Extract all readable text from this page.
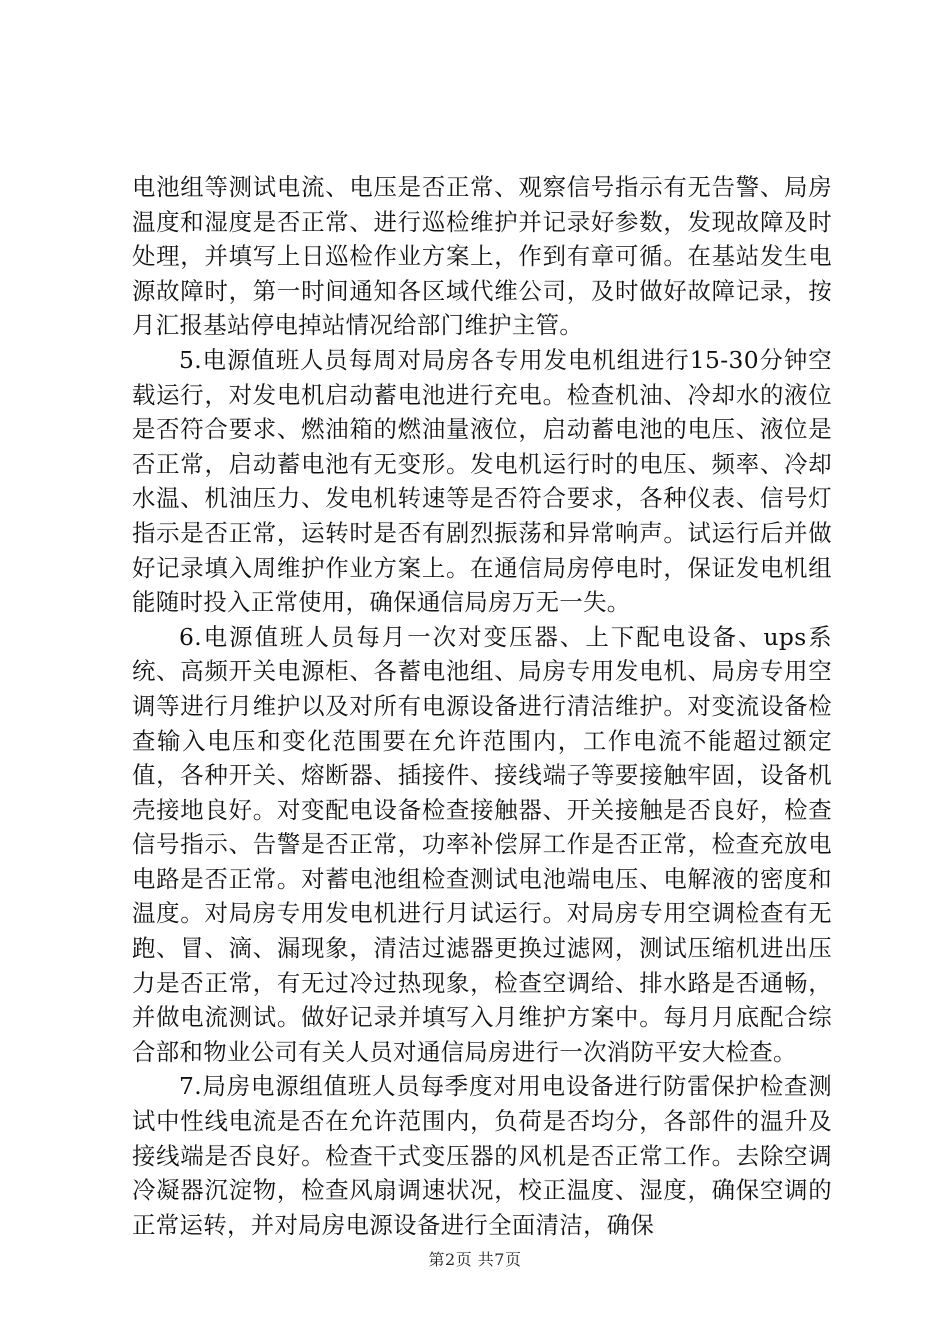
电池组等测试电流、电压是否正常、观察信号指示有无告警、局房温度和湿度是否正常、进行巡检维护并记录好参数，发现故障及时处理，并填写上日巡检作业方案上，作到有章可循。在基站发生电源故障时，第一时间通知各区域代维公司，及时做好故障记录，按月汇报基站停电掉站情况给部门维护主管。

5.电源值班人员每周对局房各专用发电机组进行15-30分钟空载运行，对发电机启动蓄电池进行充电。检查机油、冷却水的液位是否符合要求、燃油箱的燃油量液位，启动蓄电池的电压、液位是否正常，启动蓄电池有无变形。发电机运行时的电压、频率、冷却水温、机油压力、发电机转速等是否符合要求，各种仪表、信号灯指示是否正常，运转时是否有剧烈振荡和异常响声。试运行后并做好记录填入周维护作业方案上。在通信局房停电时，保证发电机组能随时投入正常使用，确保通信局房万无一失。

6.电源值班人员每月一次对变压器、上下配电设备、ups系统、高频开关电源柜、各蓄电池组、局房专用发电机、局房专用空调等进行月维护以及对所有电源设备进行清洁维护。对变流设备检查输入电压和变化范围要在允许范围内，工作电流不能超过额定值，各种开关、熔断器、插接件、接线端子等要接触牢固，设备机壳接地良好。对变配电设备检查接触器、开关接触是否良好，检查信号指示、告警是否正常，功率补偿屏工作是否正常，检查充放电电路是否正常。对蓄电池组检查测试电池端电压、电解液的密度和温度。对局房专用发电机进行月试运行。对局房专用空调检查有无跑、冒、滴、漏现象，清洁过滤器更换过滤网，测试压缩机进出压力是否正常，有无过冷过热现象，检查空调给、排水路是否通畅，并做电流测试。做好记录并填写入月维护方案中。每月月底配合综合部和物业公司有关人员对通信局房进行一次消防平安大检查。

7.局房电源组值班人员每季度对用电设备进行防雷保护检查测试中性线电流是否在允许范围内，负荷是否均分，各部件的温升及接线端是否良好。检查干式变压器的风机是否正常工作。去除空调冷凝器沉淀物，检查风扇调速状况，校正温度、湿度，确保空调的正常运转，并对局房电源设备进行全面清洁，确保

第2页 共7页
